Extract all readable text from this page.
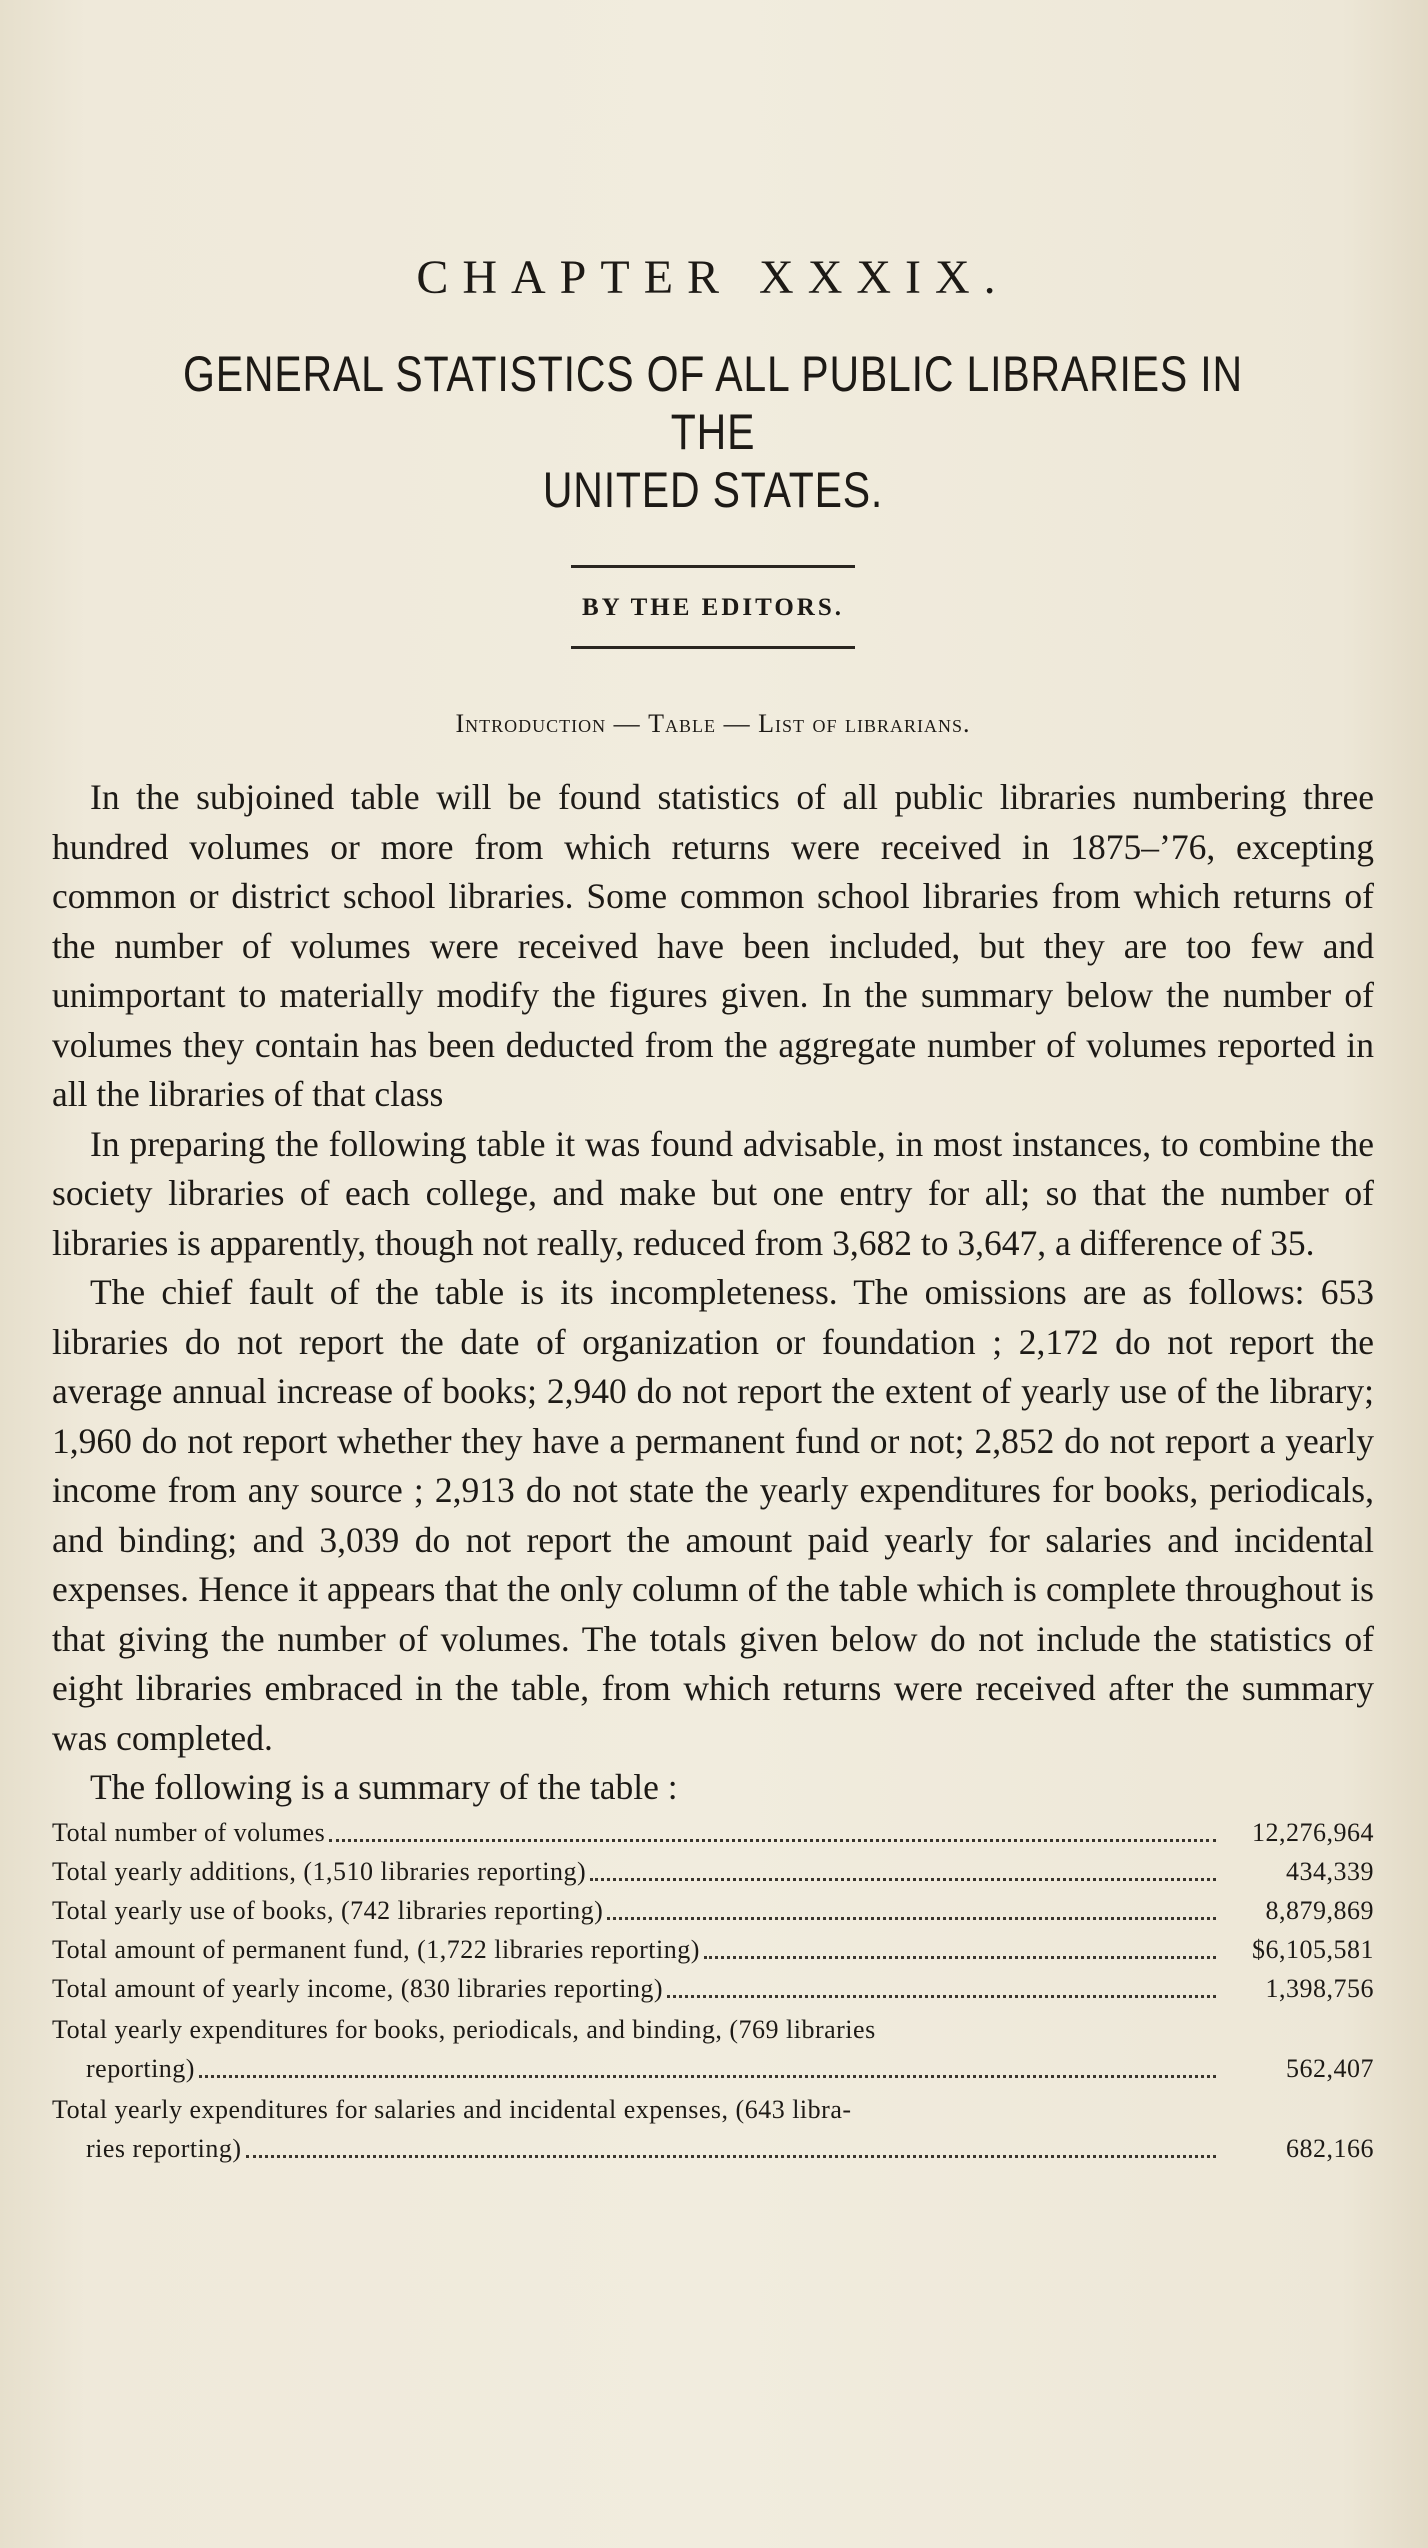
CHAPTER XXXIX.
GENERAL STATISTICS OF ALL PUBLIC LIBRARIES IN THE
UNITED STATES.
BY THE EDITORS.
Introduction — Table — List of librarians.

In the subjoined table will be found statistics of all public libraries numbering three hundred volumes or more from which returns were received in 1875–’76, excepting common or district school libraries. Some common school libraries from which returns of the number of volumes were received have been included, but they are too few and unimportant to materially modify the figures given. In the summary below the number of volumes they contain has been deducted from the aggregate number of volumes reported in all the libraries of that class

In preparing the following table it was found advisable, in most instances, to combine the society libraries of each college, and make but one entry for all; so that the number of libraries is apparently, though not really, reduced from 3,682 to 3,647, a difference of 35.

The chief fault of the table is its incompleteness. The omissions are as follows: 653 libraries do not report the date of organization or foundation ; 2,172 do not report the average annual increase of books; 2,940 do not report the extent of yearly use of the library; 1,960 do not report whether they have a permanent fund or not; 2,852 do not report a yearly income from any source ; 2,913 do not state the yearly expenditures for books, periodicals, and binding; and 3,039 do not report the amount paid yearly for salaries and incidental expenses. Hence it appears that the only column of the table which is complete throughout is that giving the number of volumes. The totals given below do not include the statistics of eight libraries embraced in the table, from which returns were received after the summary was completed.

The following is a summary of the table :

Total number of volumes	12,276,964
Total yearly additions, (1,510 libraries reporting)	434,339
Total yearly use of books, (742 libraries reporting)	8,879,869
Total amount of permanent fund, (1,722 libraries reporting)	$6,105,581
Total amount of yearly income, (830 libraries reporting)	1,398,756
Total yearly expenditures for books, periodicals, and binding, (769 libraries
reporting)	562,407
Total yearly expenditures for salaries and incidental expenses, (643 libra-
ries reporting)	682,166
